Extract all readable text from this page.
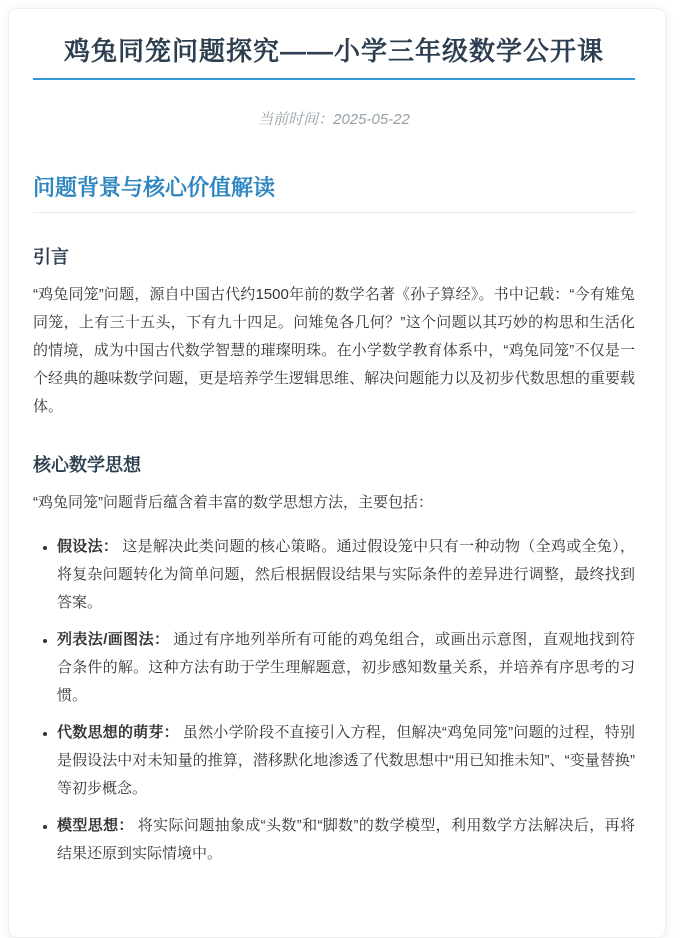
鸡兔同笼问题探究——小学三年级数学公开课
当前时间：2025-05-22
问题背景与核心价值解读
引言

“鸡兔同笼”问题，源自中国古代约1500年前的数学名著《孙子算经》。书中记载：“今有雉兔同笼，上有三十五头，下有九十四足。问雉兔各几何？”这个问题以其巧妙的构思和生活化的情境，成为中国古代数学智慧的璀璨明珠。在小学数学教育体系中，“鸡兔同笼”不仅是一个经典的趣味数学问题，更是培养学生逻辑思维、解决问题能力以及初步代数思想的重要载体。

核心数学思想

“鸡兔同笼”问题背后蕴含着丰富的数学思想方法，主要包括：

• 假设法： 这是解决此类问题的核心策略。通过假设笼中只有一种动物（全鸡或全兔），将复杂问题转化为简单问题，然后根据假设结果与实际条件的差异进行调整，最终找到答案。
• 列表法/画图法： 通过有序地列举所有可能的鸡兔组合，或画出示意图，直观地找到符合条件的解。这种方法有助于学生理解题意，初步感知数量关系，并培养有序思考的习惯。
• 代数思想的萌芽： 虽然小学阶段不直接引入方程，但解决“鸡兔同笼”问题的过程，特别是假设法中对未知量的推算，潜移默化地渗透了代数思想中“用已知推未知”、“变量替换”等初步概念。
• 模型思想： 将实际问题抽象成“头数”和“脚数”的数学模型，利用数学方法解决后，再将结果还原到实际情境中。
